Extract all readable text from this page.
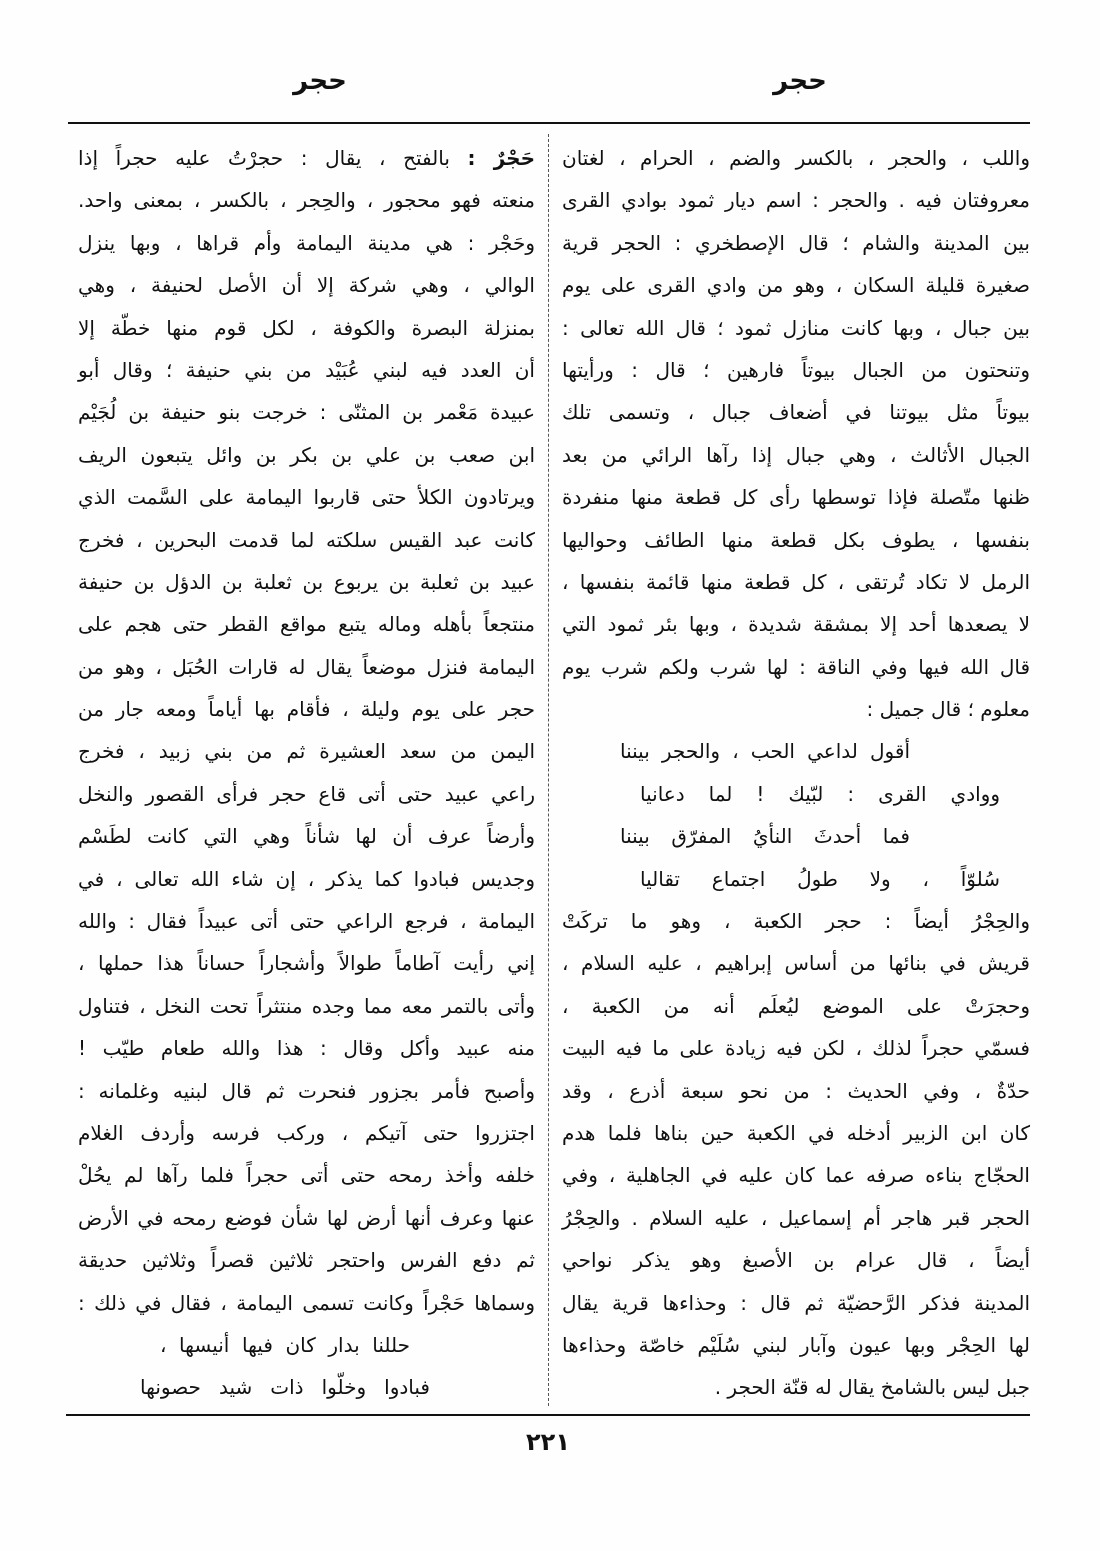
حجر
حجر
واللب ، والحجر ، بالكسر والضم ، الحرام ، لغتان
معروفتان فيه . والحجر : اسم ديار ثمود بوادي القرى
بين المدينة والشام ؛ قال الإصطخري : الحجر قرية
صغيرة قليلة السكان ، وهو من وادي القرى على يوم
بين جبال ، وبها كانت منازل ثمود ؛ قال الله تعالى :
وتنحتون من الجبال بيوتاً فارهين ؛ قال : ورأيتها
بيوتاً مثل بيوتنا في أضعاف جبال ، وتسمى تلك
الجبال الأثالث ، وهي جبال إذا رآها الرائي من بعد
ظنها متّصلة فإذا توسطها رأى كل قطعة منها منفردة
بنفسها ، يطوف بكل قطعة منها الطائف وحواليها
الرمل لا تكاد تُرتقى ، كل قطعة منها قائمة بنفسها ،
لا يصعدها أحد إلا بمشقة شديدة ، وبها بئر ثمود التي
قال الله فيها وفي الناقة : لها شرب ولكم شرب يوم
معلوم ؛ قال جميل :
أقول لداعي الحب ، والحجر بيننا
ووادي القرى : لبّيك ! لما دعانيا
فما أحدثَ النأيُ المفرّق بيننا
سُلوّاً ، ولا طولُ اجتماع تقاليا
والحِجْرُ أيضاً : حجر الكعبة ، وهو ما تركَتْ
قريش في بنائها من أساس إبراهيم ، عليه السلام ،
وحجرَتْ على الموضع ليُعلَم أنه من الكعبة ،
فسمّي حجراً لذلك ، لكن فيه زيادة على ما فيه البيت
حدّةٌ ، وفي الحديث : من نحو سبعة أذرع ، وقد
كان ابن الزبير أدخله في الكعبة حين بناها فلما هدم
الحجّاج بناءه صرفه عما كان عليه في الجاهلية ، وفي
الحجر قبر هاجر أم إسماعيل ، عليه السلام . والحِجْرُ
أيضاً ، قال عرام بن الأصبغ وهو يذكر نواحي
المدينة فذكر الرَّحضيّة ثم قال : وحذاءها قرية يقال
لها الحِجْر وبها عيون وآبار لبني سُلَيْم خاصّة وحذاءها
جبل ليس بالشامخ يقال له قنّة الحجر .
حَجْرٌ : بالفتح ، يقال : حجرْتُ عليه حجراً إذا
منعته فهو محجور ، والحِجر ، بالكسر ، بمعنى واحد.
وحَجْر : هي مدينة اليمامة وأم قراها ، وبها ينزل
الوالي ، وهي شركة إلا أن الأصل لحنيفة ، وهي
بمنزلة البصرة والكوفة ، لكل قوم منها خطّة إلا
أن العدد فيه لبني عُبَيْد من بني حنيفة ؛ وقال أبو
عبيدة مَعْمر بن المثنّى : خرجت بنو حنيفة بن لُجَيْم
ابن صعب بن علي بن بكر بن وائل يتبعون الريف
ويرتادون الكلأ حتى قاربوا اليمامة على السَّمت الذي
كانت عبد القيس سلكته لما قدمت البحرين ، فخرج
عبيد بن ثعلبة بن يربوع بن ثعلبة بن الدؤل بن حنيفة
منتجعاً بأهله وماله يتبع مواقع القطر حتى هجم على
اليمامة فنزل موضعاً يقال له قارات الحُبَل ، وهو من
حجر على يوم وليلة ، فأقام بها أياماً ومعه جار من
اليمن من سعد العشيرة ثم من بني زبيد ، فخرج
راعي عبيد حتى أتى قاع حجر فرأى القصور والنخل
وأرضاً عرف أن لها شأناً وهي التي كانت لطَسْم
وجديس فبادوا كما يذكر ، إن شاء الله تعالى ، في
اليمامة ، فرجع الراعي حتى أتى عبيداً فقال : والله
إني رأيت آطاماً طوالاً وأشجاراً حساناً هذا حملها ،
وأتى بالتمر معه مما وجده منتثراً تحت النخل ، فتناول
منه عبيد وأكل وقال : هذا والله طعام طيّب !
وأصبح فأمر بجزور فنحرت ثم قال لبنيه وغلمانه :
اجتزروا حتى آتيكم ، وركب فرسه وأردف الغلام
خلفه وأخذ رمحه حتى أتى حجراً فلما رآها لم يحُلْ
عنها وعرف أنها أرض لها شأن فوضع رمحه في الأرض
ثم دفع الفرس واحتجر ثلاثين قصراً وثلاثين حديقة
وسماها حَجْراً وكانت تسمى اليمامة ، فقال في ذلك :
حللنا بدار كان فيها أنيسها ،
فبادوا وخلّوا ذات شيد حصونها
٢٢١
